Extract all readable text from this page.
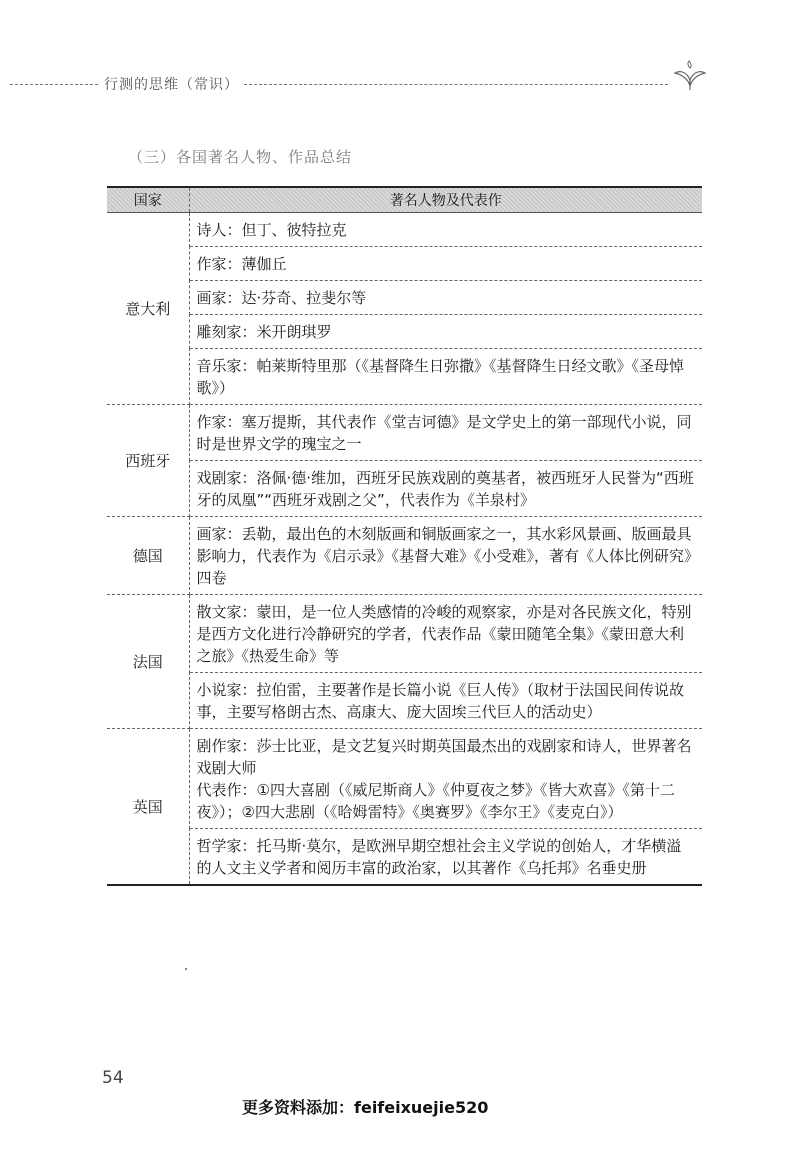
行测的思维（常识）
（三）各国著名人物、作品总结
国家	著名人物及代表作
意大利	诗人：但丁、彼特拉克
	作家：薄伽丘
	画家：达·芬奇、拉斐尔等
	雕刻家：米开朗琪罗
	音乐家：帕莱斯特里那（《基督降生日弥撒》《基督降生日经文歌》《圣母悼歌》）
西班牙	作家：塞万提斯，其代表作《堂吉诃德》是文学史上的第一部现代小说，同时是世界文学的瑰宝之一
	戏剧家：洛佩·德·维加，西班牙民族戏剧的奠基者，被西班牙人民誉为“西班牙的凤凰”“西班牙戏剧之父”，代表作为《羊泉村》
德国	画家：丢勒，最出色的木刻版画和铜版画家之一，其水彩风景画、版画最具影响力，代表作为《启示录》《基督大难》《小受难》，著有《人体比例研究》四卷
法国	散文家：蒙田，是一位人类感情的冷峻的观察家，亦是对各民族文化，特别是西方文化进行冷静研究的学者，代表作品《蒙田随笔全集》《蒙田意大利之旅》《热爱生命》等
	小说家：拉伯雷，主要著作是长篇小说《巨人传》（取材于法国民间传说故事，主要写格朗古杰、高康大、庞大固埃三代巨人的活动史）
英国	剧作家：莎士比亚，是文艺复兴时期英国最杰出的戏剧家和诗人，世界著名戏剧大师
代表作：①四大喜剧（《威尼斯商人》《仲夏夜之梦》《皆大欢喜》《第十二夜》）；②四大悲剧（《哈姆雷特》《奥赛罗》《李尔王》《麦克白》）
	哲学家：托马斯·莫尔，是欧洲早期空想社会主义学说的创始人，才华横溢的人文主义学者和阅历丰富的政治家，以其著作《乌托邦》名垂史册
54
更多资料添加：feifeixuejie520
